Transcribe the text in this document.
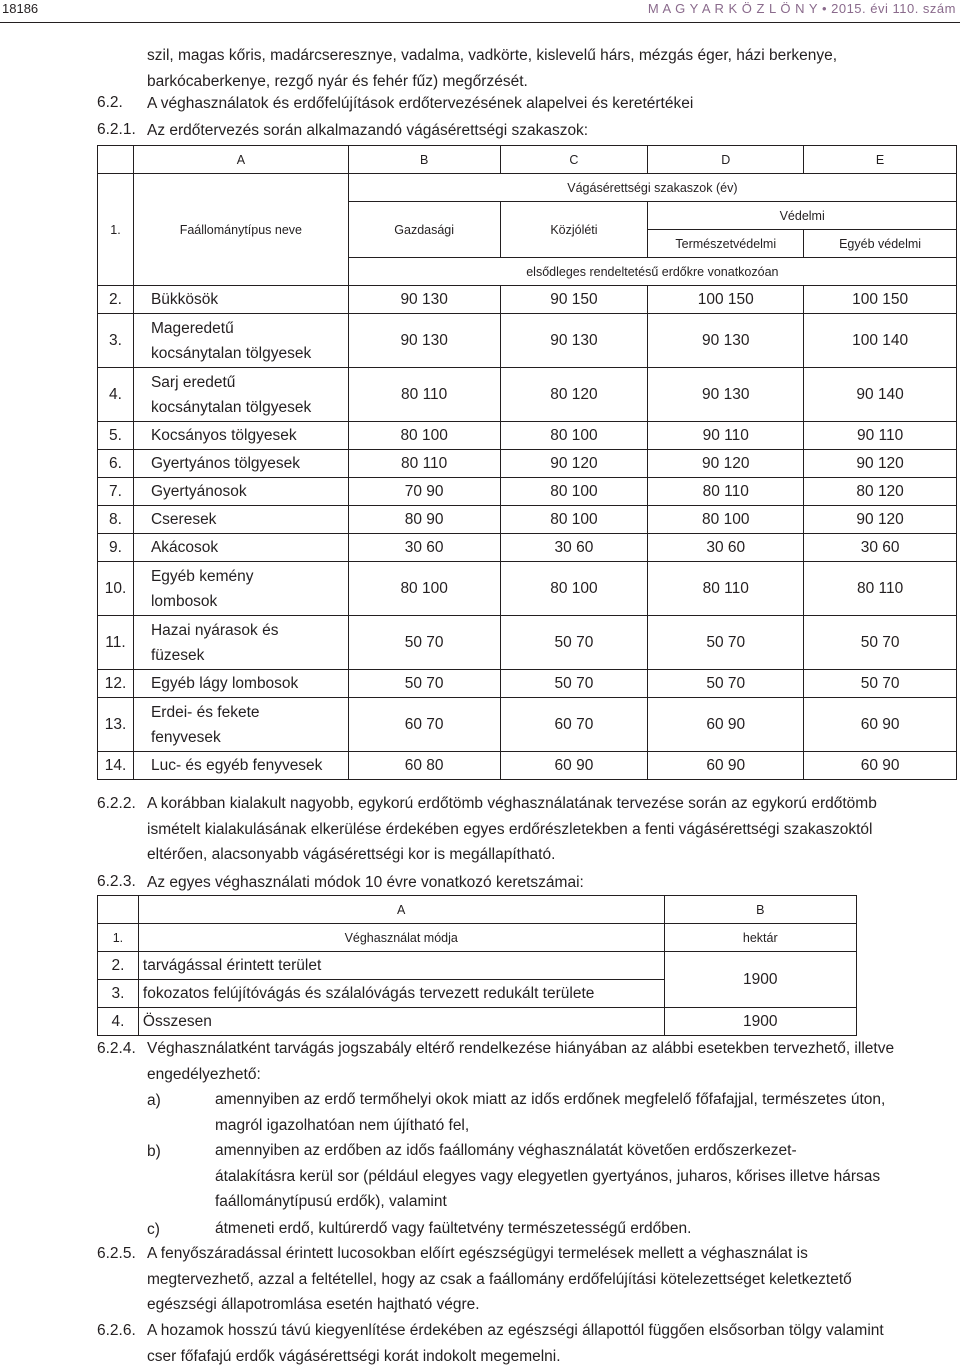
18186	M A G Y A R K Ö Z L Ö N Y • 2015. évi 110. szám
szil, magas kőris, madárcseresznye, vadalma, vadkörte, kislevelű hárs, mézgás éger, házi berkenye,
barkócaberkenye, rezgő nyár és fehér fűz) megőrzését.
6.2. A véghasználatok és erdőfelújítások erdőtervezésének alapelvei és keretértékei
6.2.1. Az erdőtervezés során alkalmazandó vágásérettségi szakaszok:
	A	B	C	D	E
1.	Faállománytípus neve	Vágásérettségi szakaszok (év)			
		Gazdasági	Közjóléti	Védelmi	
				Természetvédelmi	Egyéb védelmi
		elsődleges rendeltetésű erdőkre vonatkozóan			
2.	Bükkösök	90 130	90 150	100 150	100 150
3.	Mageredetű
kocsánytalan tölgyesek	90 130	90 130	90 130	100 140
4.	Sarj eredetű
kocsánytalan tölgyesek	80 110	80 120	90 130	90 140
5.	Kocsányos tölgyesek	80 100	80 100	90 110	90 110
6.	Gyertyános tölgyesek	80 110	90 120	90 120	90 120
7.	Gyertyánosok	70 90	80 100	80 110	80 120
8.	Cseresek	80 90	80 100	80 100	90 120
9.	Akácosok	30 60	30 60	30 60	30 60
10.	Egyéb kemény
lombosok	80 100	80 100	80 110	80 110
11.	Hazai nyárasok és
füzesek	50 70	50 70	50 70	50 70
12.	Egyéb lágy lombosok	50 70	50 70	50 70	50 70
13.	Erdei- és fekete
fenyvesek	60 70	60 70	60 90	60 90
14.	Luc- és egyéb fenyvesek	60 80	60 90	60 90	60 90
6.2.2. A korábban kialakult nagyobb, egykorú erdőtömb véghasználatának tervezése során az egykorú erdőtömb
ismételt kialakulásának elkerülése érdekében egyes erdőrészletekben a fenti vágásérettségi szakaszoktól
eltérően, alacsonyabb vágásérettségi kor is megállapítható.
6.2.3. Az egyes véghasználati módok 10 évre vonatkozó keretszámai:
	A	B
1.	Véghasználat módja	hektár
2.	tarvágással érintett terület	1900
3.	fokozatos felújítóvágás és szálalóvágás tervezett redukált területe	
4.	Összesen	1900
6.2.4. Véghasználatként tarvágás jogszabály eltérő rendelkezése hiányában az alábbi esetekben tervezhető, illetve
engedélyezhető:
a)	amennyiben az erdő termőhelyi okok miatt az idős erdőnek megfelelő főfafajjal, természetes úton,
magról igazolhatóan nem újítható fel,
b)	amennyiben az erdőben az idős faállomány véghasználatát követően erdőszerkezet-
átalakításra kerül sor (például elegyes vagy elegyetlen gyertyános, juharos, kőrises illetve hársas
faállománytípusú erdők), valamint
c)	átmeneti erdő, kultúrerdő vagy faültetvény természetességű erdőben.
6.2.5. A fenyőszáradással érintett lucosokban előírt egészségügyi termelések mellett a véghasználat is
megtervezhető, azzal a feltétellel, hogy az csak a faállomány erdőfelújítási kötelezettséget keletkeztető
egészségi állapotromlása esetén hajtható végre.
6.2.6. A hozamok hosszú távú kiegyenlítése érdekében az egészségi állapottól függően elsősorban tölgy valamint
cser főfafajú erdők vágásérettségi korát indokolt megemelni.
